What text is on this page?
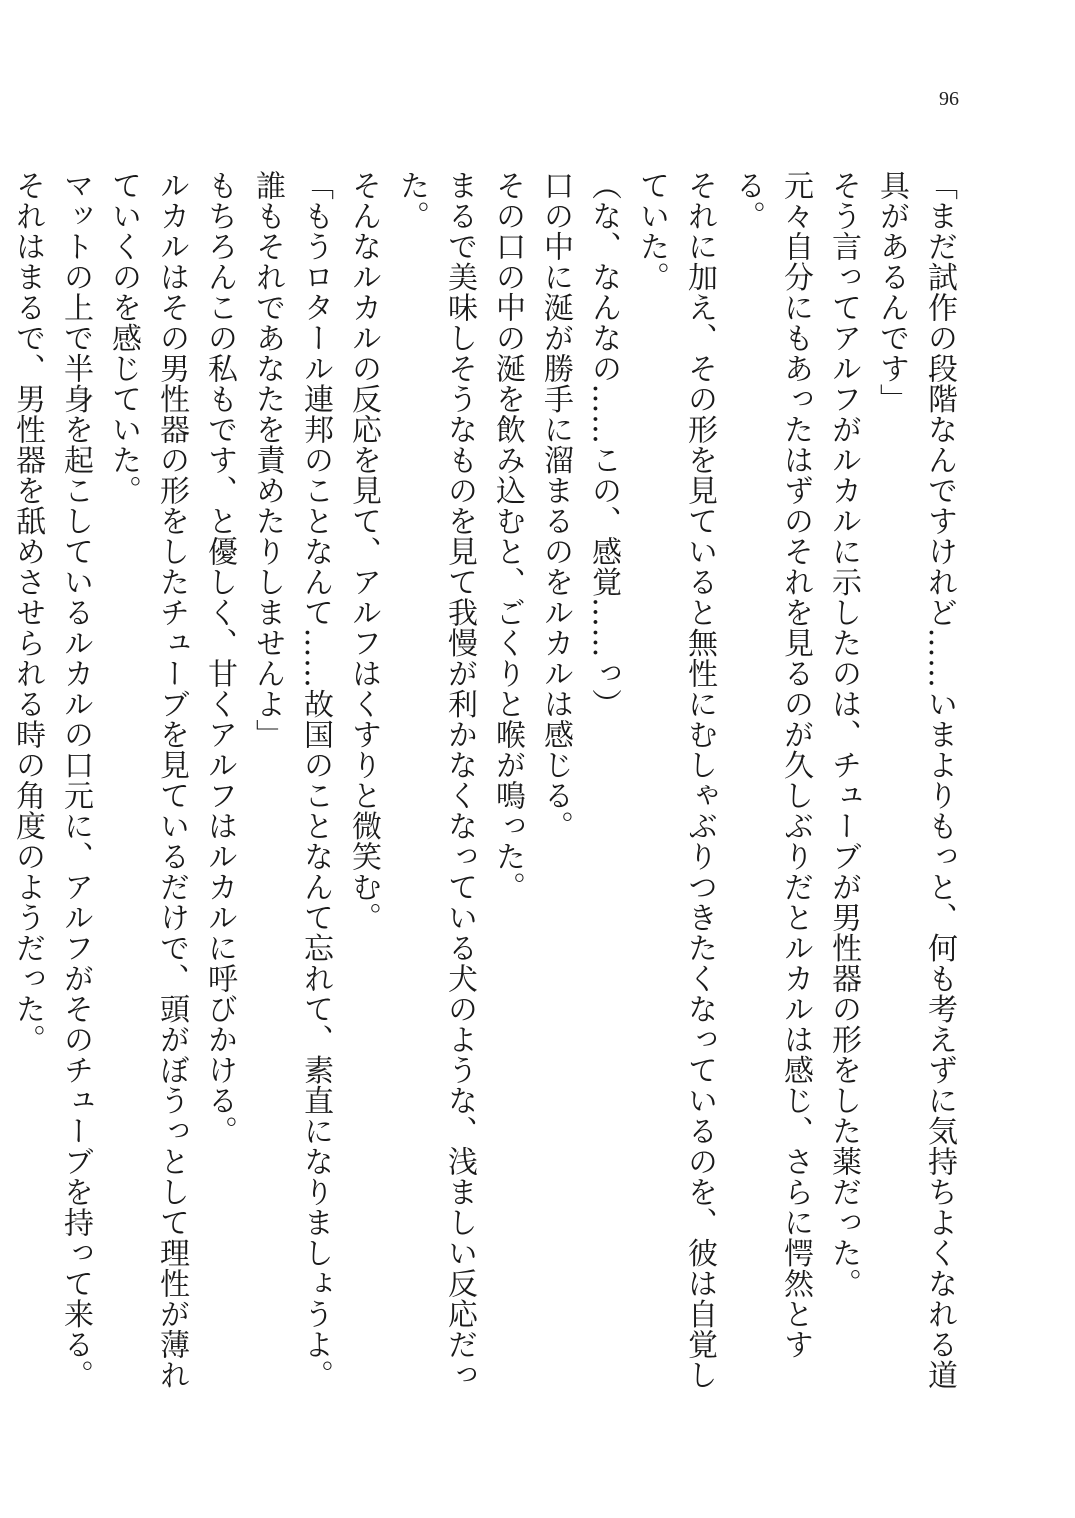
96

「まだ試作の段階なんですけれど……いまよりもっと、何も考えずに気持ちよくなれる道具があるんです」

そう言ってアルフがルカルに示したのは、チューブが男性器の形をした薬だった。

元々自分にもあったはずのそれを見るのが久しぶりだとルカルは感じ、さらに愕然とする。

それに加え、その形を見ていると無性にむしゃぶりつきたくなっているのを、彼は自覚していた。

（な、なんなの……この、感覚……っ）

口の中に涎が勝手に溜まるのをルカルは感じる。

その口の中の涎を飲み込むと、ごくりと喉が鳴った。

まるで美味しそうなものを見て我慢が利かなくなっている犬のような、浅ましい反応だった。

そんなルカルの反応を見て、アルフはくすりと微笑む。

「もうロタール連邦のことなんて……故国のことなんて忘れて、素直になりましょうよ。誰もそれであなたを責めたりしませんよ」

もちろんこの私もです、と優しく、甘くアルフはルカルに呼びかける。

ルカルはその男性器の形をしたチューブを見ているだけで、頭がぼうっとして理性が薄れていくのを感じていた。

マットの上で半身を起こしているルカルの口元に、アルフがそのチューブを持って来る。

それはまるで、男性器を舐めさせられる時の角度のようだった。
